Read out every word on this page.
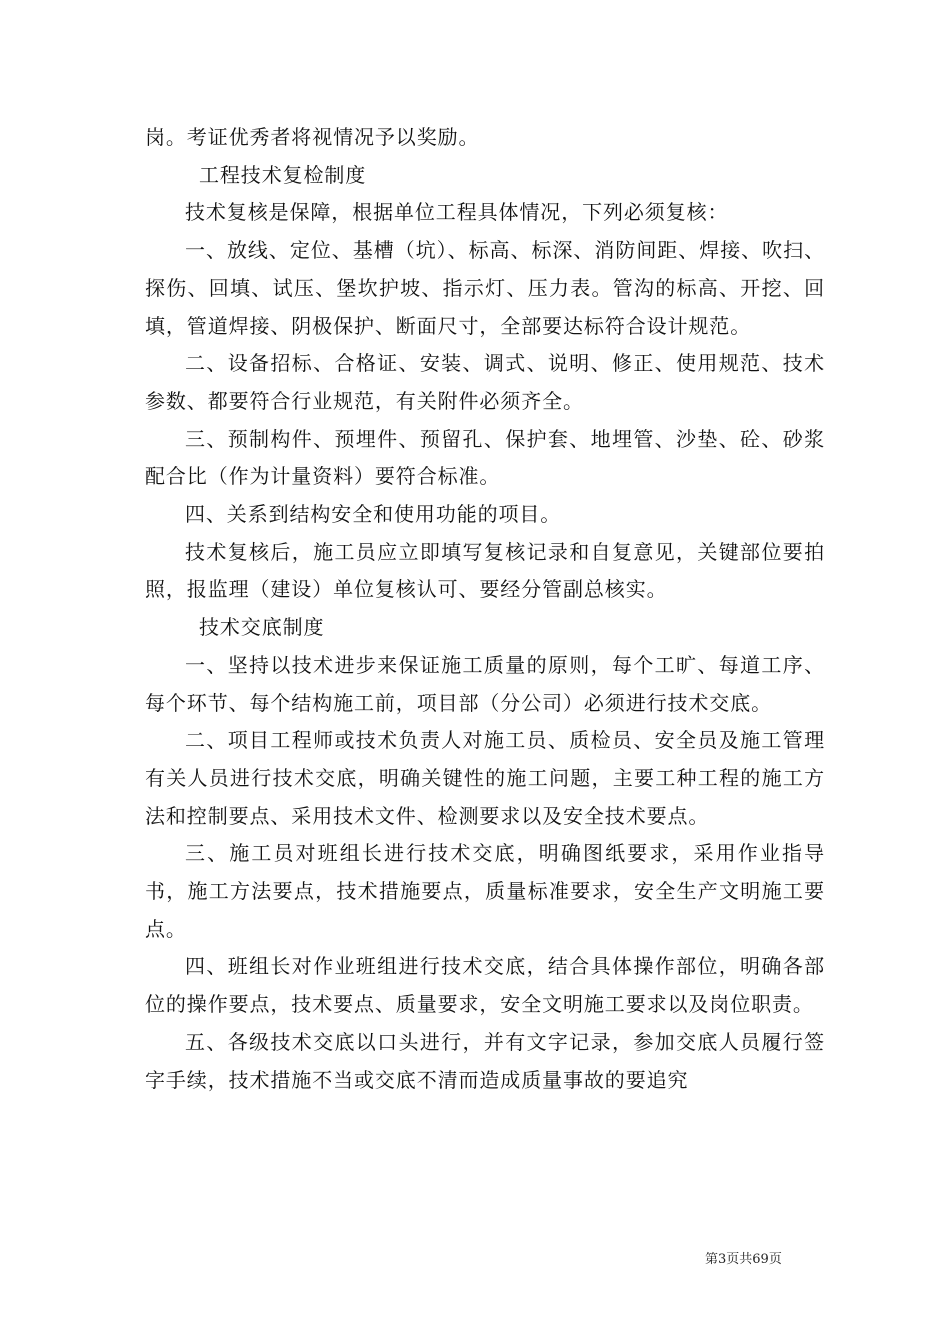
岗。考证优秀者将视情况予以奖励。

工程技术复检制度

技术复核是保障，根据单位工程具体情况，下列必须复核：

一、放线、定位、基槽（坑）、标高、标深、消防间距、焊接、吹扫、探伤、回填、试压、堡坎护坡、指示灯、压力表。管沟的标高、开挖、回填，管道焊接、阴极保护、断面尺寸，全部要达标符合设计规范。

二、设备招标、合格证、安装、调式、说明、修正、使用规范、技术参数、都要符合行业规范，有关附件必须齐全。

三、预制构件、预埋件、预留孔、保护套、地埋管、沙垫、砼、砂浆配合比（作为计量资料）要符合标准。

四、关系到结构安全和使用功能的项目。

技术复核后，施工员应立即填写复核记录和自复意见，关键部位要拍照，报监理（建设）单位复核认可、要经分管副总核实。

技术交底制度

一、坚持以技术进步来保证施工质量的原则，每个工旷、每道工序、每个环节、每个结构施工前，项目部（分公司）必须进行技术交底。

二、项目工程师或技术负责人对施工员、质检员、安全员及施工管理有关人员进行技术交底，明确关键性的施工问题，主要工种工程的施工方法和控制要点、采用技术文件、检测要求以及安全技术要点。

三、施工员对班组长进行技术交底，明确图纸要求，采用作业指导书，施工方法要点，技术措施要点，质量标准要求，安全生产文明施工要点。

四、班组长对作业班组进行技术交底，结合具体操作部位，明确各部位的操作要点，技术要点、质量要求，安全文明施工要求以及岗位职责。

五、各级技术交底以口头进行，并有文字记录，参加交底人员履行签字手续，技术措施不当或交底不清而造成质量事故的要追究

第3页共69页
